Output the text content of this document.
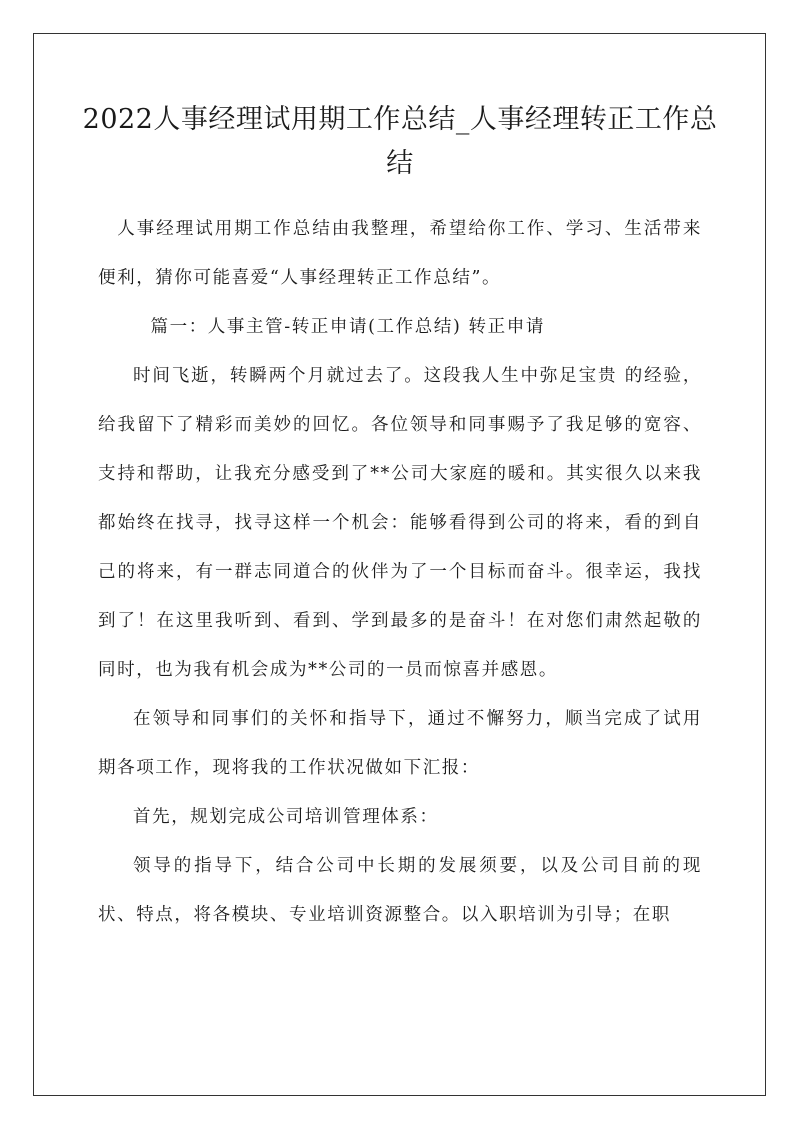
2022人事经理试用期工作总结_人事经理转正工作总结

人事经理试用期工作总结由我整理，希望给你工作、学习、生活带来便利，猜你可能喜爱“人事经理转正工作总结”。

篇一：人事主管-转正申请(工作总结) 转正申请

时间飞逝，转瞬两个月就过去了。这段我人生中弥足宝贵 的经验，给我留下了精彩而美妙的回忆。各位领导和同事赐予了我足够的宽容、支持和帮助，让我充分感受到了**公司大家庭的暖和。其实很久以来我都始终在找寻，找寻这样一个机会：能够看得到公司的将来，看的到自己的将来，有一群志同道合的伙伴为了一个目标而奋斗。很幸运，我找到了！在这里我听到、看到、学到最多的是奋斗！在对您们肃然起敬的同时，也为我有机会成为**公司的一员而惊喜并感恩。

在领导和同事们的关怀和指导下，通过不懈努力，顺当完成了试用期各项工作，现将我的工作状况做如下汇报：

首先，规划完成公司培训管理体系：

领导的指导下，结合公司中长期的发展须要，以及公司目前的现状、特点，将各模块、专业培训资源整合。以入职培训为引导；在职
